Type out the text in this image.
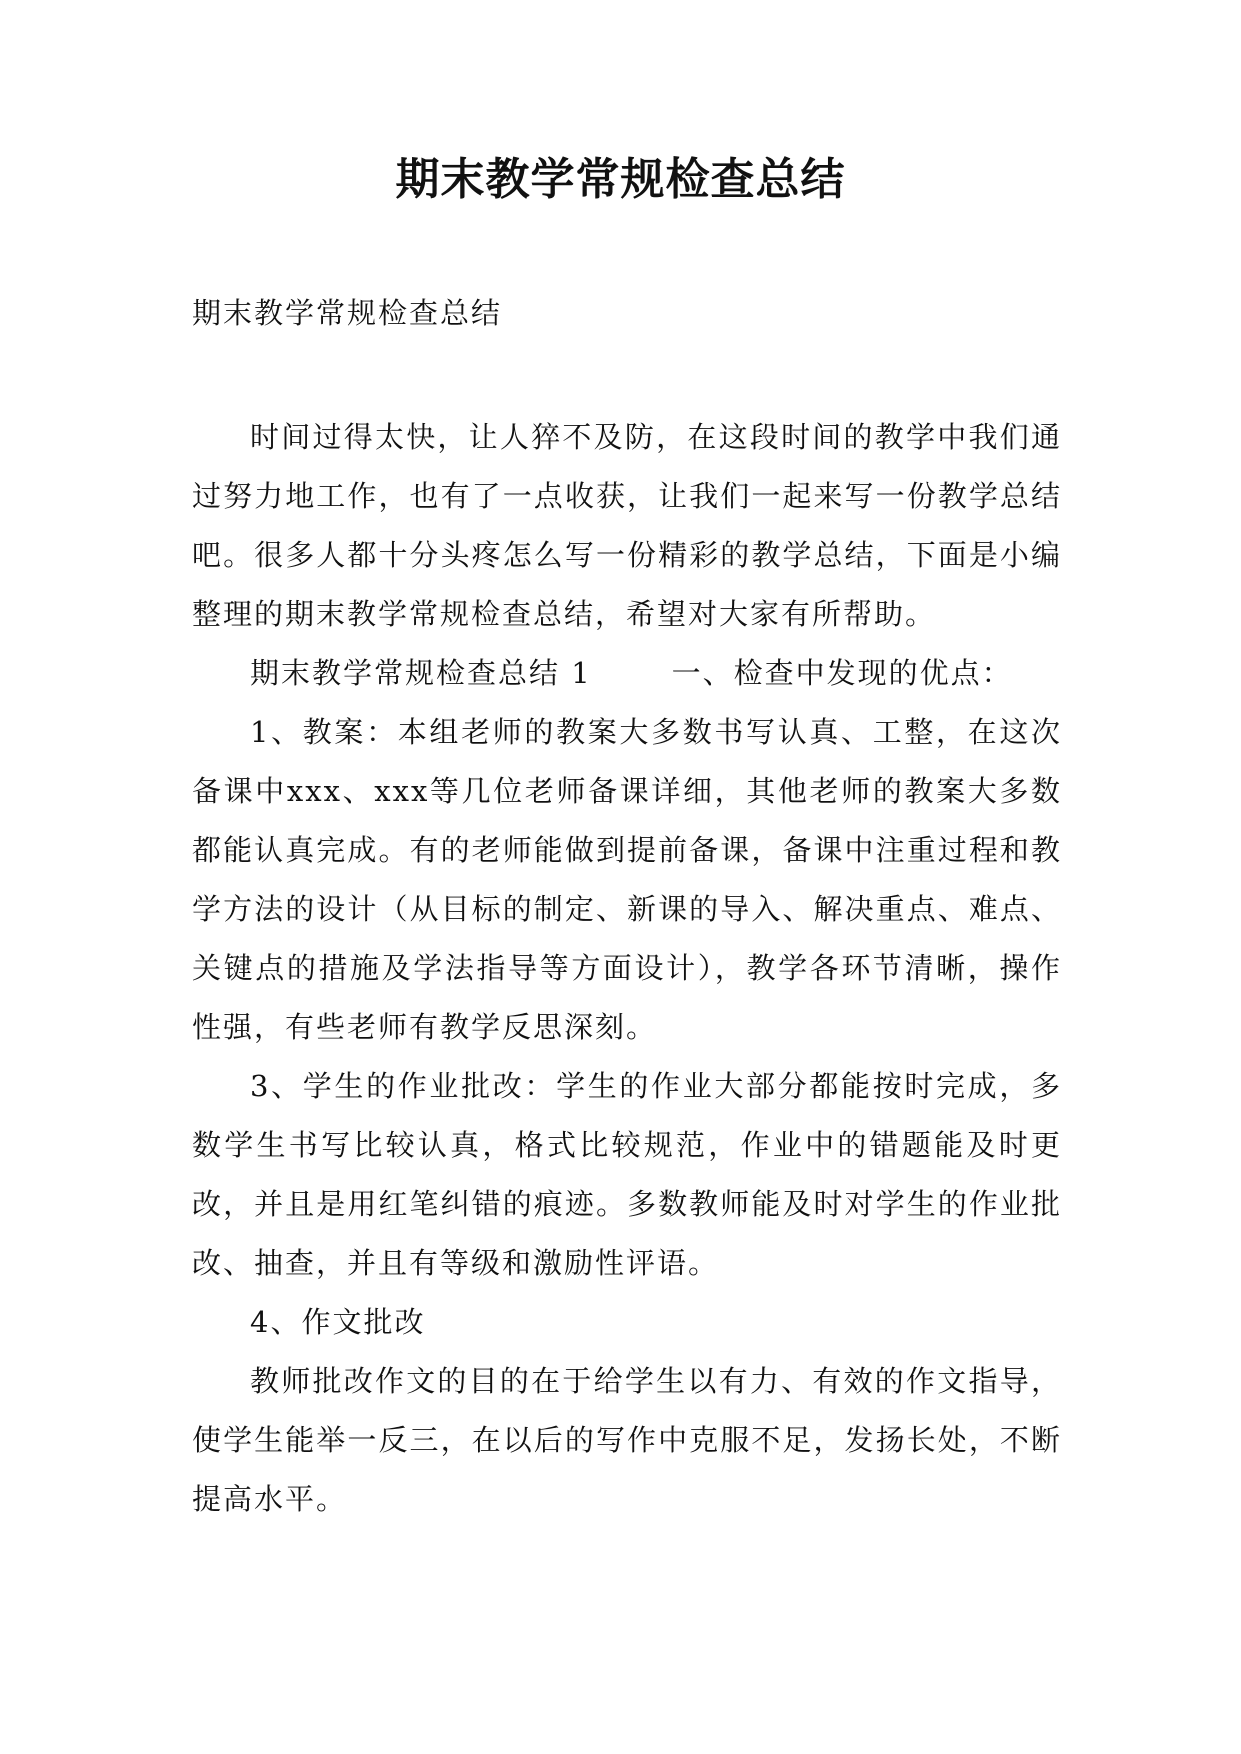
期末教学常规检查总结
期末教学常规检查总结

时间过得太快，让人猝不及防，在这段时间的教学中我们通过努力地工作，也有了一点收获，让我们一起来写一份教学总结吧。很多人都十分头疼怎么写一份精彩的教学总结，下面是小编整理的期末教学常规检查总结，希望对大家有所帮助。

期末教学常规检查总结 1	一、检查中发现的优点：

1、教案：本组老师的教案大多数书写认真、工整，在这次备课中xxx、xxx等几位老师备课详细，其他老师的教案大多数都能认真完成。有的老师能做到提前备课，备课中注重过程和教学方法的设计（从目标的制定、新课的导入、解决重点、难点、关键点的措施及学法指导等方面设计），教学各环节清晰，操作性强，有些老师有教学反思深刻。

3、学生的作业批改：学生的作业大部分都能按时完成，多数学生书写比较认真，格式比较规范，作业中的错题能及时更改，并且是用红笔纠错的痕迹。多数教师能及时对学生的作业批改、抽查，并且有等级和激励性评语。

4、作文批改

教师批改作文的目的在于给学生以有力、有效的作文指导，使学生能举一反三，在以后的写作中克服不足，发扬长处，不断提高水平。
